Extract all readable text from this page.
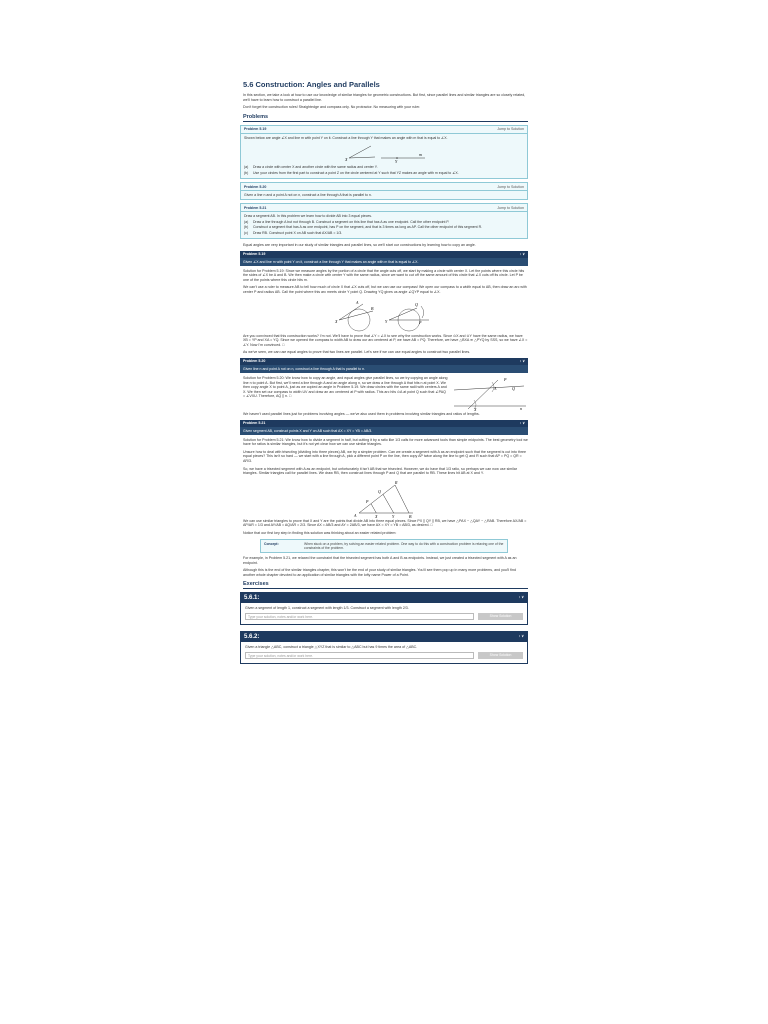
5.6 Construction: Angles and Parallels

In this section, we take a look at how to use our knowledge of similar triangles for geometric constructions. But first, since parallel lines and similar triangles are so closely related, we'll have to learn how to construct a parallel line.

Don't forget the construction rules! Straightedge and compass only. No protractor. No measuring with your ruler.

Problems
Problem 5.19	Jump to Solution
Shown below are angle ∠X and line m with point Y on it. Construct a line through Y that makes an angle with m that is equal to ∠X.
X	Y
m
(a)	Draw a circle with center X and another circle with the same radius and center Y.
(b)	Use your circles from the first part to construct a point Z on the circle centered at Y such that YZ makes an angle with m equal to ∠X.
Problem 5.20	Jump to Solution
Given a line n and a point A not on n, construct a line through A that is parallel to n.
Problem 5.21	Jump to Solution
Draw a segment AB. In this problem we learn how to divide AB into 3 equal pieces.
(a)	Draw a line through A but not through B. Construct a segment on this line that has A as one endpoint. Call the other endpoint P.
(b)	Construct a segment that has A as one endpoint, has P on the segment, and that is 3 times as long as AP. Call the other endpoint of this segment R.
(c)	Draw RB. Construct point X on AB such that AX/AB = 1/3.

Equal angles are very important in our study of similar triangles and parallel lines, so we'll start our constructions by learning how to copy an angle.

Problem 5.19	↕ ∨
Given ∠X and line m with point Y on it, construct a line through Y that makes an angle with m that is equal to ∠X.

Solution for Problem 5.19: Since we measure angles by the portion of a circle that the angle cuts off, we start by making a circle with center X. Let the points where this circle hits the sides of ∠X be A and B. We then make a circle with center Y with the same radius, since we want to cut off the same amount of this circle that ∠X cuts off its circle. Let P be one of the points where this circle hits m.

We can't use a ruler to measure AB to tell how much of circle X that ∠X cuts off, but we can use our compass! We open our compass to a width equal to AB, then draw an arc with center P and radius AB. Call the point where this arc meets circle Y point Q. Drawing YQ gives us angle ∠QYP equal to ∠X.

A
B
X
Q
P
Y

Are you convinced that this construction works? I'm not. We'll have to prove that ∠Y = ∠X to see why the construction works. Since ⊙X and ⊙Y have the same radius, we have XB = YP and XA = YQ. Since we opened the compass to width AB to draw our arc centered at P, we have AB = PQ. Therefore, we have △BXA ≅ △PYQ by SSS, so we have ∠X = ∠Y. Now I'm convinced. □

As we've seen, we can use equal angles to prove that two lines are parallel. Let's see if we can use equal angles to construct two parallel lines.

Problem 5.20	↕ ∨
Given line n and point A not on n, construct a line through A that is parallel to n.

Solution for Problem 5.20: We know how to copy an angle, and equal angles give parallel lines, so we try copying an angle along line n to point A. But first, we'll need a line through A and an angle along n, so we draw a line through A that hits n at point X. We then copy angle X to point A, just as we copied an angle in Problem 5.19. We draw circles with the same radii with centers A and X. We then set our compass to width UV and draw an arc centered at P with radius. This arc hits ⊙A at point Q such that ∠PAQ = ∠VXU. Therefore, AQ ∥ n. □

P
A	Q
n
X

We haven't used parallel lines just for problems involving angles — we've also used them in problems involving similar triangles and ratios of lengths.

Problem 5.21	↕ ∨
Given segment AB, construct points X and Y on AB such that AX = XY = YB = AB/3.

Solution for Problem 5.21: We know how to divide a segment in half, but cutting it by a ratio like 1/3 calls for more advanced tools than simple midpoints. The best geometry tool we have for ratios is similar triangles, but it's not yet clear how we can use similar triangles.

Unsure how to deal with trisecting (dividing into three pieces) AB, we try a simpler problem. Can we create a segment with A as an endpoint such that the segment is cut into three equal pieces? This isn't so hard — we start with a line through A, pick a different point P on the line, then copy AP twice along the line to get Q and R such that AP = PQ = QR = AR/3.

So, we have a trisected segment with A as an endpoint, but unfortunately it isn't AB that we trisected. However, we do have that 1/3 ratio, so perhaps we can now use similar triangles. Similar triangles call for parallel lines. We draw RB, then construct lines through P and Q that are parallel to RB. These lines hit AB at X and Y.

A
R
Q
P
X	Y	B

We can use similar triangles to prove that X and Y are the points that divide AB into three equal pieces. Since PX ∥ QY ∥ RB, we have △PAX ~ △QAY ~ △RAB. Therefore AX/AB = AP/AR = 1/3 and AY/AB = AQ/AR = 2/3. Since AX = AB/3 and AY = 2AB/3, we have AX = XY = YB = AB/3, as desired. □

Notice that our first key step in finding this solution was thinking about an easier related problem:

Concept:	When stuck on a problem, try solving an easier related problem. One way to do this with a construction problem is relaxing one of the constraints of the problem.

For example, in Problem 5.21, we relaxed the constraint that the trisected segment has both A and B as endpoints. Instead, we just created a trisected segment with A as an endpoint.

Although this is the end of the similar triangles chapter, this won't be the end of your study of similar triangles. You'll see them pop up in many more problems, and you'll find another whole chapter devoted to an application of similar triangles with the lofty name Power of a Point.

Exercises
5.6.1:	↕ ∨
Given a segment of length 1, construct a segment with length 1/3. Construct a segment with length 2/3.
Type your solution, notes and/or work here.	Show Solution
5.6.2:	↕ ∨
Given a triangle △ABC, construct a triangle △XYZ that is similar to △ABC but has 9 times the area of △ABC.
Type your solution, notes and/or work here.	Show Solution
